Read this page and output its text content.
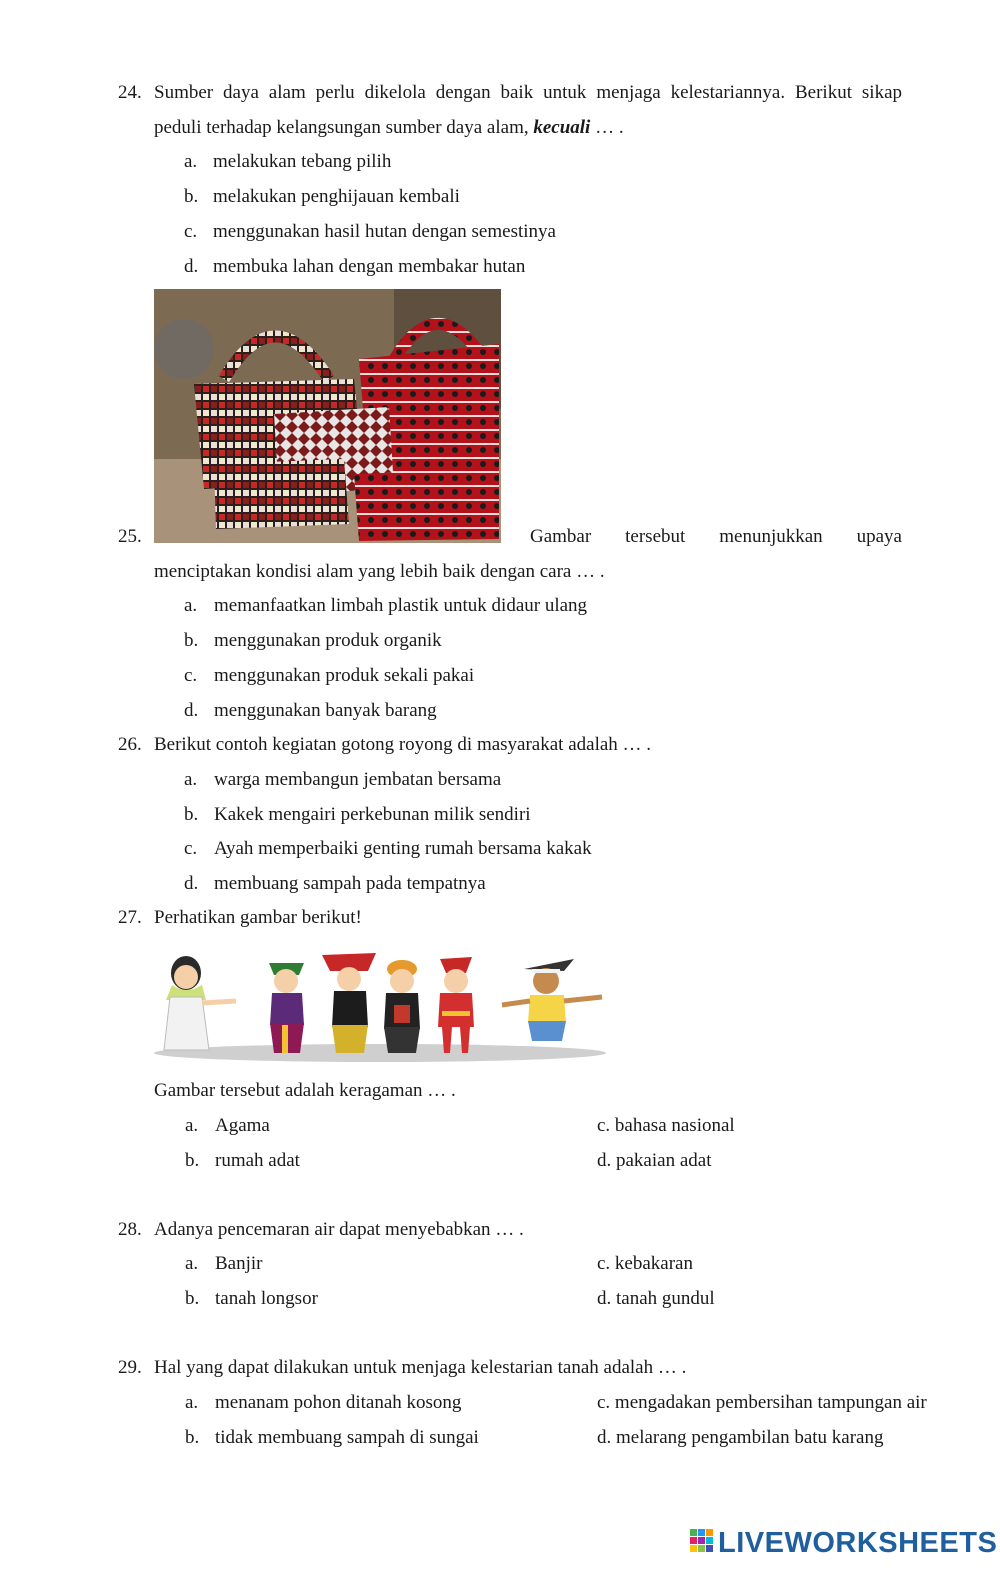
24. Sumber daya alam perlu dikelola dengan baik untuk menjaga kelestariannya. Berikut sikap
peduli terhadap kelangsungan sumber daya alam, kecuali … .
a. melakukan tebang pilih
b. melakukan penghijauan kembali
c. menggunakan hasil hutan dengan semestinya
d. membuka lahan dengan membakar hutan
25.	Gambar tersebut menunjukkan upaya
menciptakan kondisi alam yang lebih baik dengan cara … .
a. memanfaatkan limbah plastik untuk didaur ulang
b. menggunakan produk organik
c. menggunakan produk sekali pakai
d. menggunakan banyak barang
26. Berikut contoh kegiatan gotong royong di masyarakat adalah … .
a. warga membangun jembatan bersama
b. Kakek mengairi perkebunan milik sendiri
c. Ayah memperbaiki genting rumah bersama kakak
d. membuang sampah pada tempatnya
27. Perhatikan gambar berikut!
Gambar tersebut adalah keragaman … .
a. Agama	c. bahasa nasional
b. rumah adat	d. pakaian adat
28. Adanya pencemaran air dapat menyebabkan … .
a. Banjir	c. kebakaran
b. tanah longsor	d. tanah gundul
29. Hal yang dapat dilakukan untuk menjaga kelestarian tanah adalah … .
a. menanam pohon ditanah kosong	c. mengadakan pembersihan tampungan air
b. tidak membuang sampah di sungai	d. melarang pengambilan batu karang
LIVEWORKSHEETS
